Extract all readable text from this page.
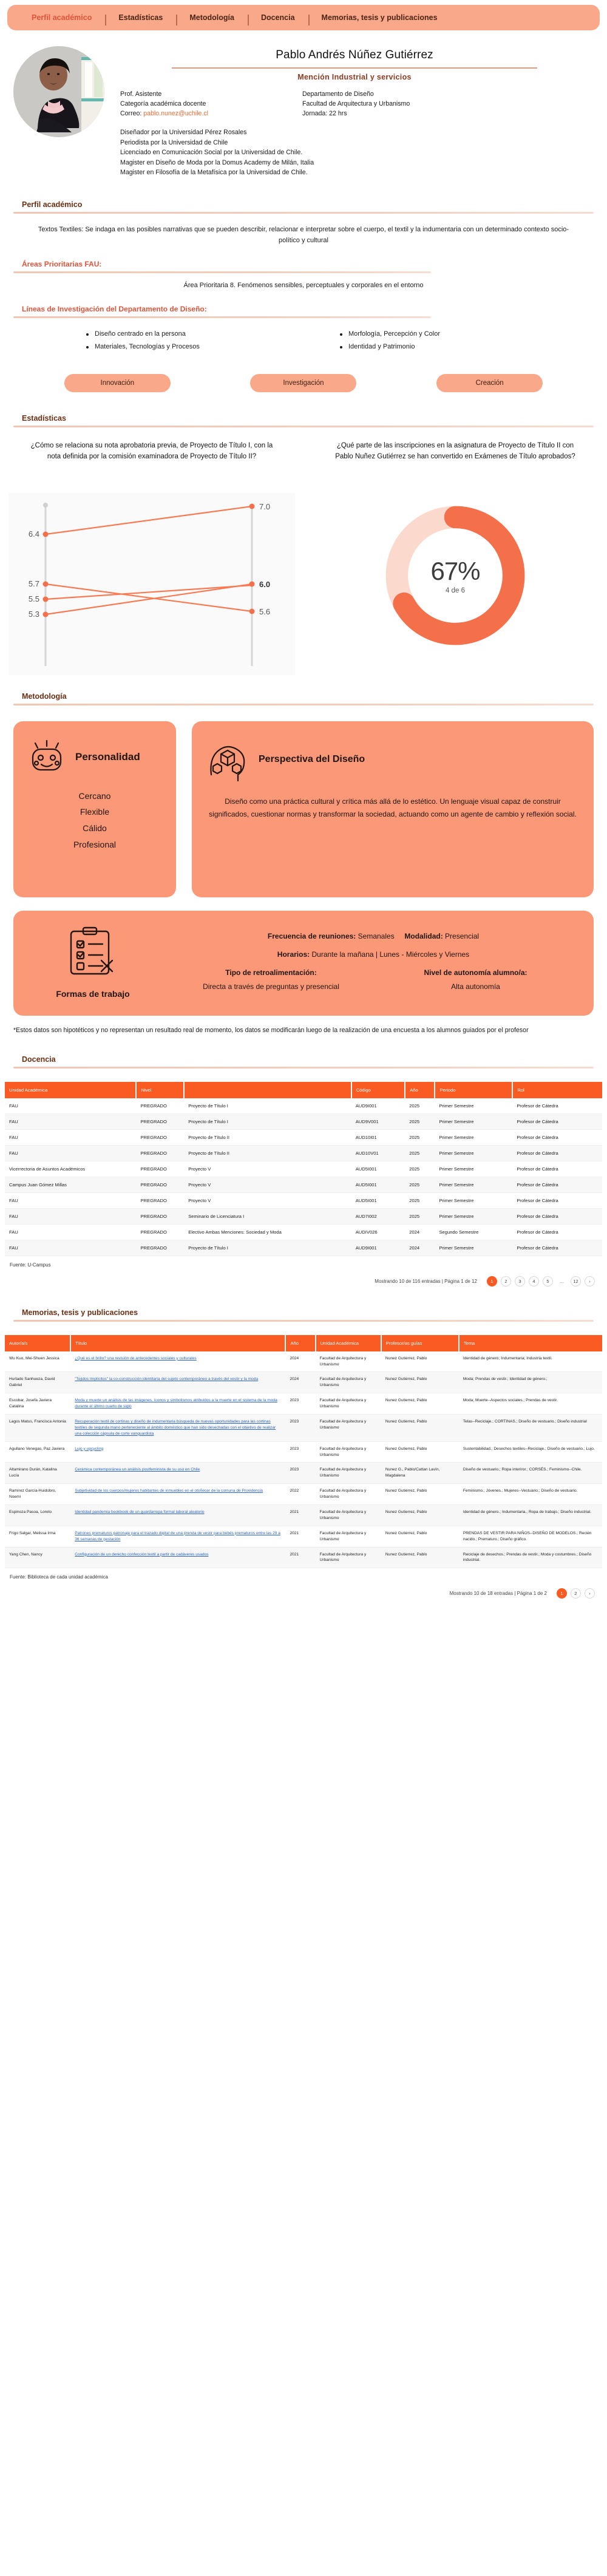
Perfil académico	Estadísticas	Metodología	Docencia	Memorias, tesis y publicaciones
Pablo Andrés Núñez Gutiérrez
Mención Industrial y servicios
Prof. Asistente
Categoría académica docente
Correo: pablo.nunez@uchile.cl
Departamento de Diseño
Facultad de Arquitectura y Urbanismo
Jornada: 22 hrs
Diseñador por la Universidad Pérez Rosales
Periodista por la Universidad de Chile
Licenciado en Comunicación Social por la Universidad de Chile.
Magister en Diseño de Moda por la Domus Academy de Milán, Italia
Magister en Filosofía de la Metafísica por la Universidad de Chile.
Perfil académico

Textos Textiles: Se indaga en las posibles narrativas que se pueden describir, relacionar e interpretar sobre el cuerpo, el textil y la indumentaria con un determinado contexto socio-político y cultural

Áreas Prioritarias FAU:
Área Prioritaria 8. Fenómenos sensibles, perceptuales y corporales en el entorno
Líneas de Investigación del Departamento de Diseño:
Diseño centrado en la persona	Morfología, Percepción y Color
Materiales, Tecnologías y Procesos	Identidad y Patrimonio
Innovación	Investigación	Creación
Estadísticas
¿Cómo se relaciona su nota aprobatoria previa, de Proyecto de Título I, con la nota definida por la comisión examinadora de Proyecto de Título II?
6.4
5.7
5.5
5.3
7.0
6.0
5.6
¿Qué parte de las inscripciones en la asignatura de Proyecto de Título II con Pablo Nuñez Gutiérrez se han convertido en Exámenes de Título aprobados?
67%
4 de 6
Metodología
Personalidad
Cercano
Flexible
Cálido
Profesional
Perspectiva del Diseño
Diseño como una práctica cultural y crítica más allá de lo estético. Un lenguaje visual capaz de construir significados, cuestionar normas y transformar la sociedad, actuando como un agente de cambio y reflexión social.
Formas de trabajo
Frecuencia de reuniones: Semanales Modalidad: Presencial
Horarios: Durante la mañana | Lunes - Miércoles y Viernes
Tipo de retroalimentación:
Directa a través de preguntas y presencial
Nivel de autonomía alumno/a:
Alta autonomía
*Estos datos son hipotéticos y no representan un resultado real de momento, los datos se modificarán luego de la realización de una encuesta a los alumnos guiados por el profesor
Docencia
Unidad Académica	Nivel		Código	Año	Periodo	Rol
FAU	PREGRADO	Proyecto de Título I	AUD9I001	2025	Primer Semestre	Profesor de Cátedra
FAU	PREGRADO	Proyecto de Título I	AUD9V001	2025	Primer Semestre	Profesor de Cátedra
FAU	PREGRADO	Proyecto de Título II	AUD10I01	2025	Primer Semestre	Profesor de Cátedra
FAU	PREGRADO	Proyecto de Título II	AUD10V01	2025	Primer Semestre	Profesor de Cátedra
Vicerrectoria de Asuntos Académicos	PREGRADO	Proyecto V	AUD5I001	2025	Primer Semestre	Profesor de Cátedra
Campus Juan Gómez Millas	PREGRADO	Proyecto V	AUD5I001	2025	Primer Semestre	Profesor de Cátedra
FAU	PREGRADO	Proyecto V	AUD5I001	2025	Primer Semestre	Profesor de Cátedra
FAU	PREGRADO	Seminario de Licenciatura I	AUD7I002	2025	Primer Semestre	Profesor de Cátedra
FAU	PREGRADO	Electivo Ambas Menciones: Sociedad y Moda	AUDIV026	2024	Segundo Semestre	Profesor de Cátedra
FAU	PREGRADO	Proyecto de Título I	AUD9I001	2024	Primer Semestre	Profesor de Cátedra
Fuente: U-Campus
Mostrando 10 de 116 entradas | Página 1 de 12	1	2	3	4	5	…	12	›
Memorias, tesis y publicaciones
Autor/a/s	Título	Año	Unidad Académica	Profesor/as guías	Tema
Wu Kuo, Mei-Shuen Jessica	¿Qué es el brillo? una revisión de antecedentes sociales y culturales	2024	Facultad de Arquitectura y Urbanismo	Nunez Gutierrez, Pablo	Identidad de género; Indumentaria; Industria textil.
Hurtado Sanhueza, David Gabriel	"Tejidos Implícitos" la co-construcción identitaria del sujeto contemporáneo a través del vestir y la moda	2024	Facultad de Arquitectura y Urbanismo	Nunez Gutierrez, Pablo	Moda; Prendas de vestir.; Identidad de género.;
Escobar, Josefa Javiera Catalina	Moda y muerte un análisis de las imágenes, íconos y simbolismos atribuidos a la muerte en el sistema de la moda durante el último cuarto de siglo	2023	Facultad de Arquitectura y Urbanismo	Nunez Gutierrez, Pablo	Moda; Muerte--Aspectos sociales.; Prendas de vestir.
Lagos Matus, Francisca Antonia	Recuperación textil de cortinas y diseño de indumentaria búsqueda de nuevas oportunidades para las cortinas textiles de segunda mano perteneciente al ámbito doméstico que han sido desechadas con el objetivo de realizar una colección cápsula de corte vanguardista	2023	Facultad de Arquitectura y Urbanismo	Nunez Gutierrez, Pablo	Telas--Reciclaje.; CORTINAS.; Diseño de vestuario.; Diseño industrial
Agullano Venegas, Paz Javiera	Lujo y upcycling	2023	Facultad de Arquitectura y Urbanismo	Nunez Gutierrez, Pablo	Sustentabilidad.; Desechos textiles--Reciclaje.; Diseño de vestuario.; Lujo.
Altamirano Durán, Katalina Lucía	Cerámica contemporánea un análisis postfeminista de su uso en Chile	2023	Facultad de Arquitectura y Urbanismo	Nunez G., Pablo/Cattan Lavín, Magdalena	Diseño de vestuario.; Ropa interiror.; CORSÉS.; Feminismo--Chile.
Ramírez García-Huidobro, Noemi	Subjetividad de los cuerpos/mujeres habitantes de inmuebles en el otoñecer de la comuna de Providencia	2022	Facultad de Arquitectura y Urbanismo	Nunez Gutierrez, Pablo	Feminismo.; Jóvenes.; Mujeres--Vestuario.; Diseño de vestuario.
Espinoza Pasoa, Loreto	Identidad pandemia bookbook de un guardarropa formal laboral aleatorio	2021	Facultad de Arquitectura y Urbanismo	Nunez Gutierrez, Pablo	Identidad de género.; Indumentaria.; Ropa de trabajo.; Diseño industrial.
Frigo Salgar, Melissa Irma	Patrones prematuros patronaje para el trazado digital de una prenda de vestir para bebés prematuros entre las 29 a 36 semanas de gestación	2021	Facultad de Arquitectura y Urbanismo	Nunez Gutierrez, Pablo	PRENDAS DE VESTIR PARA NIÑOS--DISEÑO DE MODELOS.; Recién nacido.; Prematuro.; Diseño gráfico.
Yang Chen, Nancy	Configuración de un derecho confección textil a partir de cadáveres usados	2021	Facultad de Arquitectura y Urbanismo	Nunez Gutierrez, Pablo	Reciclaje de desechos.; Prendas de vestir.; Moda y costumbres.; Diseño industrial.
Fuente: Biblioteca de cada unidad académica
Mostrando 10 de 18 entradas | Página 1 de 2	1	2	›
